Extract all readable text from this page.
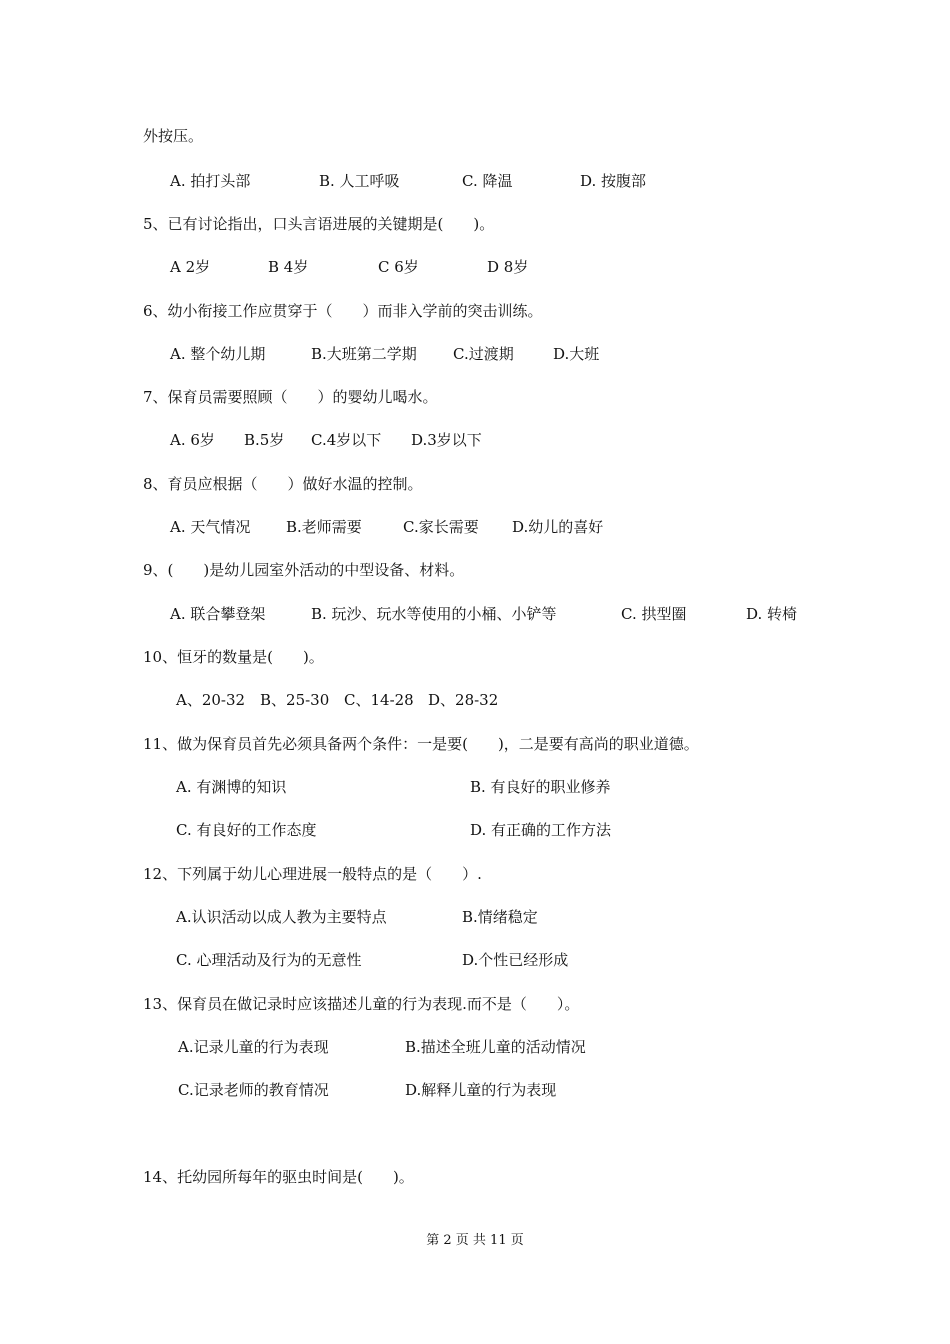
外按压。
A. 拍打头部	B. 人工呼吸	C. 降温	D. 按腹部
5、已有讨论指出，口头言语进展的关键期是(　　)。
A 2岁	B 4岁	C 6岁	D 8岁
6、幼小衔接工作应贯穿于（　　）而非入学前的突击训练。
A. 整个幼儿期	B.大班第二学期 C.过渡期	D.大班
7、保育员需要照顾（　　）的婴幼儿喝水。
A. 6岁 B.5岁 C.4岁以下 D.3岁以下
8、育员应根据（　　）做好水温的控制。
A. 天气情况 B.老师需要	C.家长需要 D.幼儿的喜好
9、(　　)是幼儿园室外活动的中型设备、材料。
A. 联合攀登架	B. 玩沙、玩水等使用的小桶、小铲等	C. 拱型圈	D. 转椅
10、恒牙的数量是(　　)。
A、20-32 B、25-30 C、14-28 D、28-32
11、做为保育员首先必须具备两个条件：一是要(　　)，二是要有高尚的职业道德。
A. 有渊博的知识	B. 有良好的职业修养
C. 有良好的工作态度	D. 有正确的工作方法
12、下列属于幼儿心理进展一般特点的是（　　）.
A.认识活动以成人教为主要特点	B.情绪稳定
C. 心理活动及行为的无意性	D.个性已经形成
13、保育员在做记录时应该描述儿童的行为表现.而不是（　　）。
A.记录儿童的行为表现	B.描述全班儿童的活动情况
C.记录老师的教育情况	D.解释儿童的行为表现
14、托幼园所每年的驱虫时间是(　　)。
第 2 页 共 11 页
